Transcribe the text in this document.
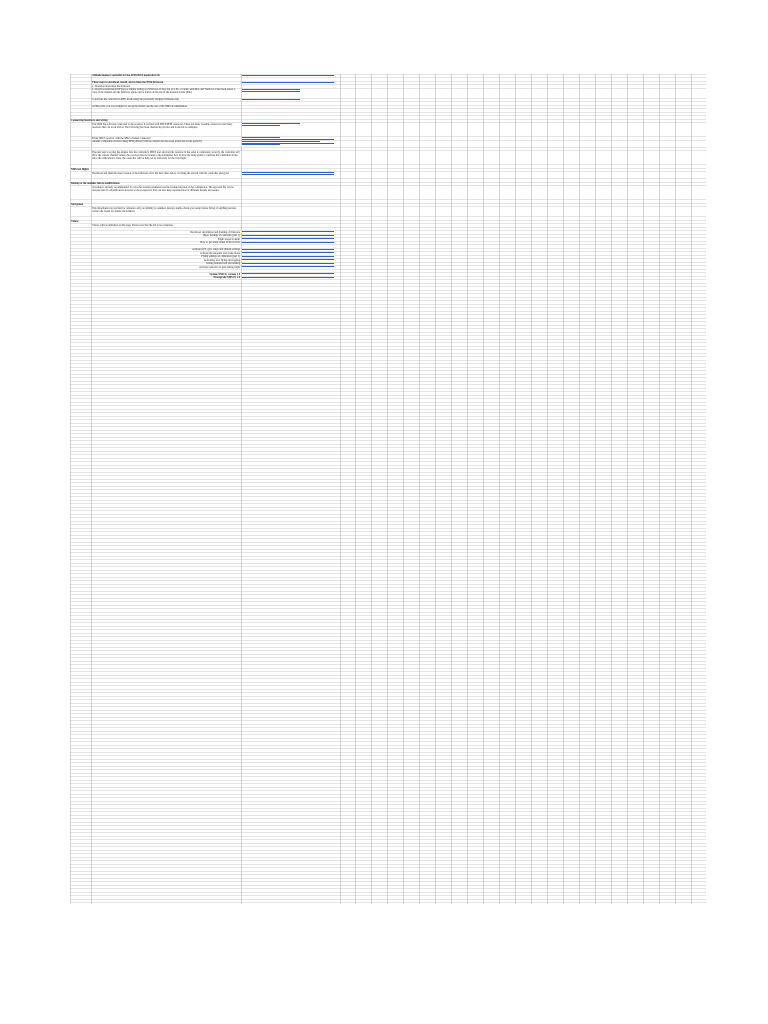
Attitude/motion Controller for the AEROBAT model aircraft
Three steps to download, install, and re-flash the NMS firmware
1. Download and unzip the firmware
2. Download and install DFUse (or similar utility) for Windows. It may run on a PC or tablet; with Mac and Windows it has been tested; a copy of the manual and the firmware guide can be found on this site in the manuals folder (link)
3. Activate the controller in DFU mode using the previously unzipped firmware file
At this point, you are prompted to set up the model; see the rest of the NMS documentation.
Connecting Receivers and wiring
The NMS has software connected to the receiver. It is fitted with SBUS/PPM connector. There are many possible connectors and many receivers that can work with it. The following has been checked in practice and is shown as examples:
FrSky SBUS receiver with the SBUS channel connected
Another compatible receiver using PPM (mixed) with the adapter that has been tested and works perfectly
The next step is to plug the adapter into the controller's SBUS port and start the receiver. If the setup is completed correctly, the controller will show the current channel values; the receiver must be bound to the transmitter first. Follow the setup guide to calibrate the transmitter sticks. Once the calibration is done, the controller will be fully set up and ready for the first flight.
NMS test flights
Download and flash the latest version of the firmware; view the first video below on flying the aircraft with the controller and gyros
Backup of the modules before modifications
A backup is strongly recommended. To save the current parameters use the backup function of the configurator. The exported file can be restored later if a modification does not work as expected. You can also keep separate files for different models and setups.
Navigation
This information is provided for reference only; no liability is assumed. Always double-check your setup before flying; if anything unclear, contact the forum for further information.
Videos
Videos will be published on this page. Please note that the list is not complete.
Download, installation and flashing of firmware
Basic Settings of controller (part 1)
Flight stages in detail
How to get setup values from receiver
Activate GPS, gyro range and altitude settings
Activate the autopilot and cruise mode
Flying settings on calibration (part 2)
Activating, test, flying and logging
Testing altitude hold and landing
Activate reduction of gain during flight
Update NMS by version 1.0
Downgrade NMS by 1.0
